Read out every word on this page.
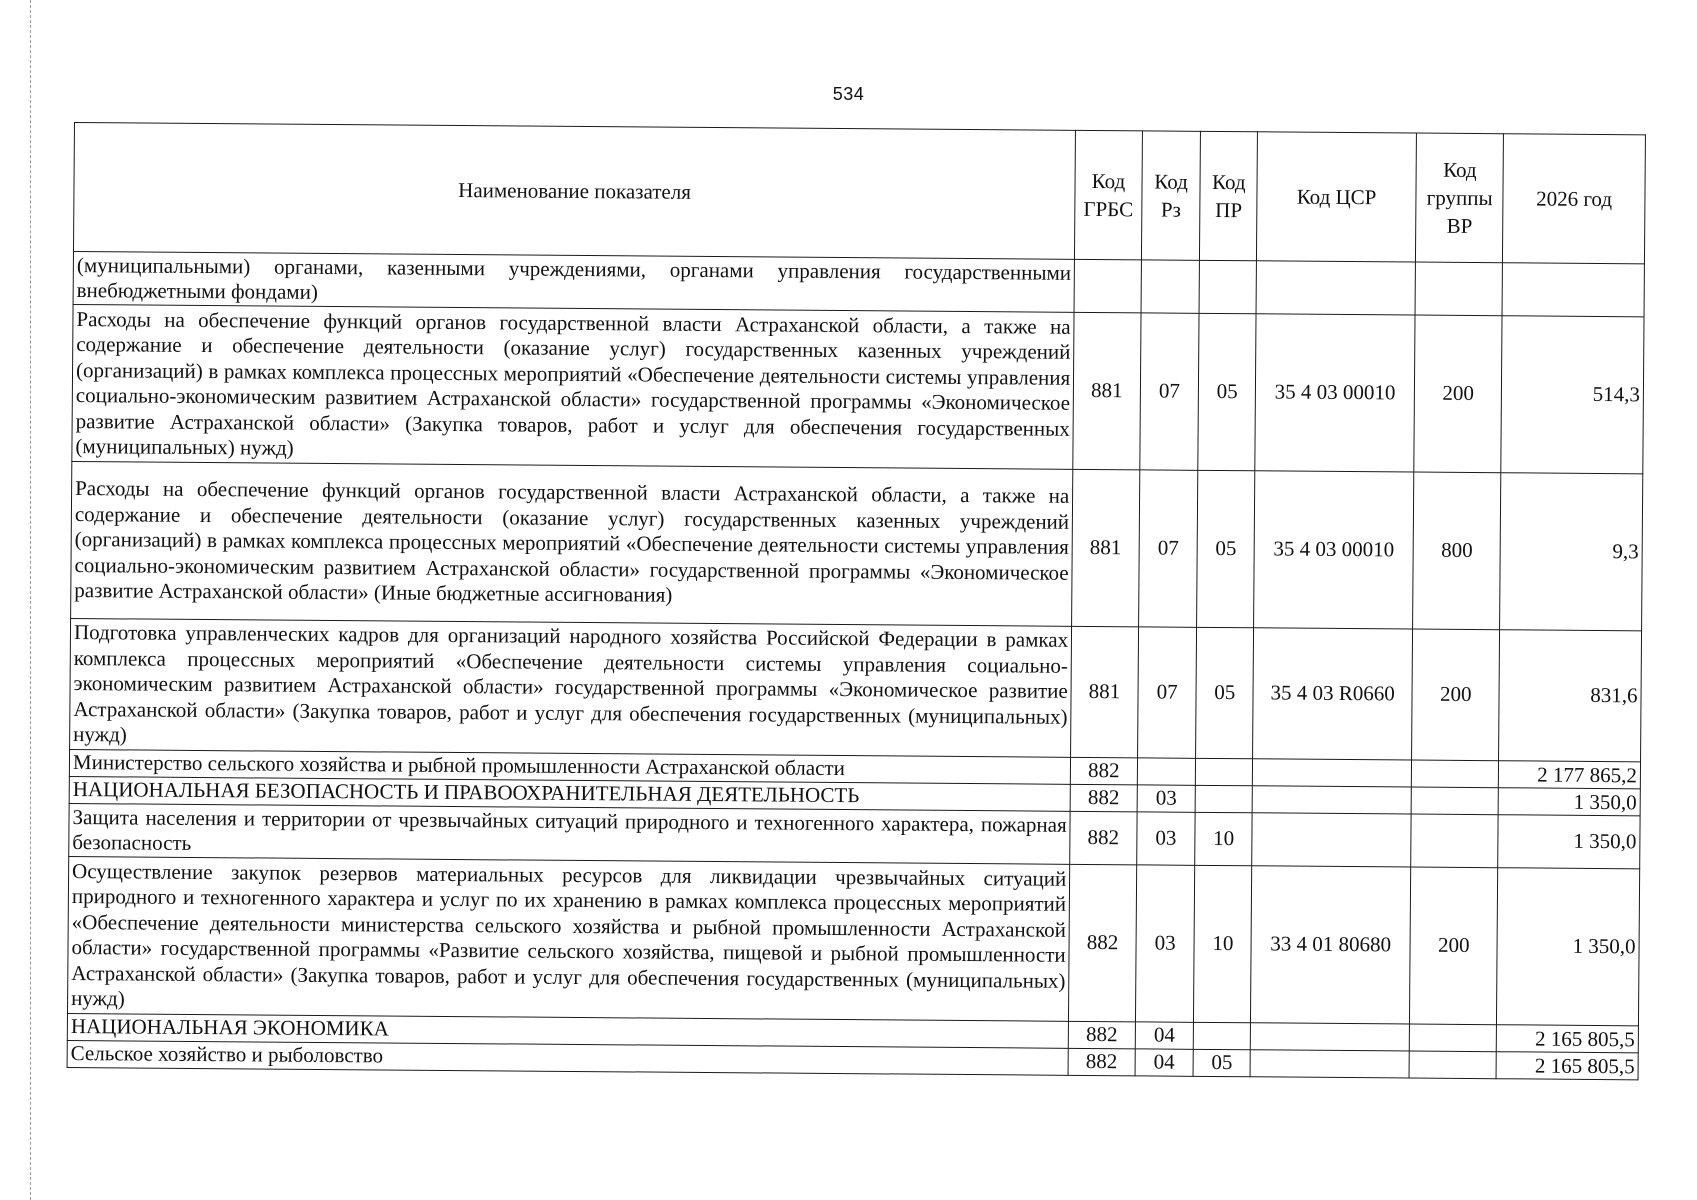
534
Наименование показателя	Код ГРБС	Код Рз	Код ПР	Код ЦСР	Код группы ВР	2026 год
(муниципальными) органами, казенными учреждениями, органами управления государственными внебюджетными фондами)						
Расходы на обеспечение функций органов государственной власти Астраханской области, а также на содержание и обеспечение деятельности (оказание услуг) государственных казенных учреждений (организаций) в рамках комплекса процессных мероприятий «Обеспечение деятельности системы управления социально-экономическим развитием Астраханской области» государственной программы «Экономическое развитие Астраханской области» (Закупка товаров, работ и услуг для обеспечения государственных (муниципальных) нужд)	881	07	05	35 4 03 00010	200	514,3
Расходы на обеспечение функций органов государственной власти Астраханской области, а также на содержание и обеспечение деятельности (оказание услуг) государственных казенных учреждений (организаций) в рамках комплекса процессных мероприятий «Обеспечение деятельности системы управления социально-экономическим развитием Астраханской области» государственной программы «Экономическое развитие Астраханской области» (Иные бюджетные ассигнования)	881	07	05	35 4 03 00010	800	9,3
Подготовка управленческих кадров для организаций народного хозяйства Российской Федерации в рамках комплекса процессных мероприятий «Обеспечение деятельности системы управления социально-экономическим развитием Астраханской области» государственной программы «Экономическое развитие Астраханской области» (Закупка товаров, работ и услуг для обеспечения государственных (муниципальных) нужд)	881	07	05	35 4 03 R0660	200	831,6
Министерство сельского хозяйства и рыбной промышленности Астраханской области	882					2 177 865,2
НАЦИОНАЛЬНАЯ БЕЗОПАСНОСТЬ И ПРАВООХРАНИТЕЛЬНАЯ ДЕЯТЕЛЬНОСТЬ	882	03				1 350,0
Защита населения и территории от чрезвычайных ситуаций природного и техногенного характера, пожарная безопасность	882	03	10			1 350,0
Осуществление закупок резервов материальных ресурсов для ликвидации чрезвычайных ситуаций природного и техногенного характера и услуг по их хранению в рамках комплекса процессных мероприятий «Обеспечение деятельности министерства сельского хозяйства и рыбной промышленности Астраханской области» государственной программы «Развитие сельского хозяйства, пищевой и рыбной промышленности Астраханской области» (Закупка товаров, работ и услуг для обеспечения государственных (муниципальных) нужд)	882	03	10	33 4 01 80680	200	1 350,0
НАЦИОНАЛЬНАЯ ЭКОНОМИКА	882	04				2 165 805,5
Сельское хозяйство и рыболовство	882	04	05			2 165 805,5
